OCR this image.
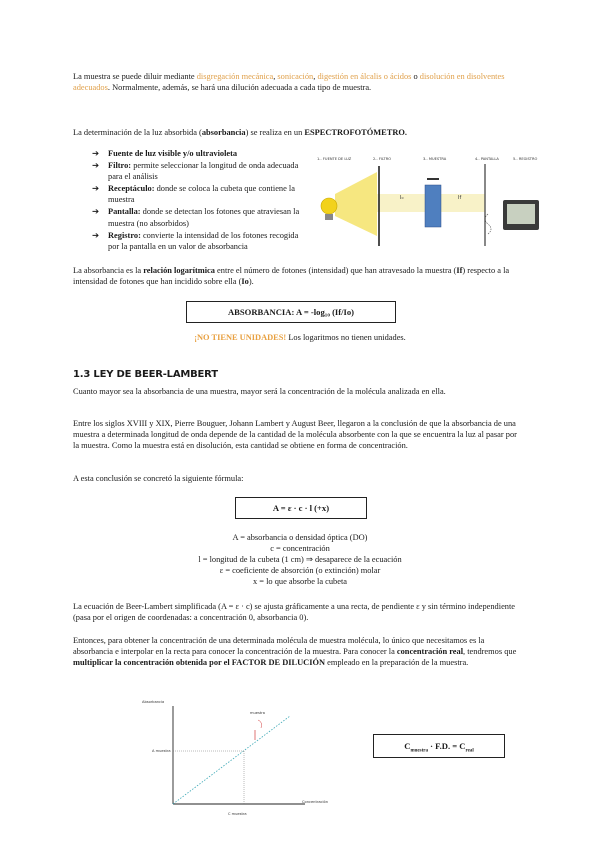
La muestra se puede diluir mediante disgregación mecánica, sonicación, digestión en álcalis o ácidos o disolución en disolventes adecuados. Normalmente, además, se hará una dilución adecuada a cada tipo de muestra.
La determinación de la luz absorbida (absorbancia) se realiza en un ESPECTROFOTÓMETRO.
➔ Fuente de luz visible y/o ultravioleta
➔ Filtro: permite seleccionar la longitud de onda adecuada para el análisis
➔ Receptáculo: donde se coloca la cubeta que contiene la muestra
➔ Pantalla: donde se detectan los fotones que atraviesan la muestra (no absorbidos)
➔ Registro: convierte la intensidad de los fotones recogida por la pantalla en un valor de absorbancia
1.- FUENTE DE LUZ	2.- FILTRO	3.- MUESTRA	4.- PANTALLA	5.- REGISTRO
I₀	If
La absorbancia es la relación logarítmica entre el número de fotones (intensidad) que han atravesado la muestra (If) respecto a la intensidad de fotones que han incidido sobre ella (Io).
ABSORBANCIA: A = -log₁₀ (If/Io)
¡NO TIENE UNIDADES! Los logaritmos no tienen unidades.
1.3 LEY DE BEER-LAMBERT
Cuanto mayor sea la absorbancia de una muestra, mayor será la concentración de la molécula analizada en ella.
Entre los siglos XVIII y XIX, Pierre Bouguer, Johann Lambert y August Beer, llegaron a la conclusión de que la absorbancia de una muestra a determinada longitud de onda depende de la cantidad de la molécula absorbente con la que se encuentra la luz al pasar por la muestra. Como la muestra está en disolución, esta cantidad se obtiene en forma de concentración.
A esta conclusión se concretó la siguiente fórmula:
A = ε · c · l (+x)
A = absorbancia o densidad óptica (DO)
c = concentración
l = longitud de la cubeta (1 cm) ⇒ desaparece de la ecuación
ε = coeficiente de absorción (o extinción) molar
x = lo que absorbe la cubeta
La ecuación de Beer-Lambert simplificada (A = ε · c) se ajusta gráficamente a una recta, de pendiente ε y sin término independiente (pasa por el origen de coordenadas: a concentración 0, absorbancia 0).
Entonces, para obtener la concentración de una determinada molécula de muestra molécula, lo único que necesitamos es la absorbancia e interpolar en la recta para conocer la concentración de la muestra. Para conocer la concentración real, tendremos que multiplicar la concentración obtenida por el FACTOR DE DILUCIÓN empleado en la preparación de la muestra.
Absorbancia
Concentración
A muestra
C muestra
muestra
$C_{muestra} \cdot F.D$. = $C_{real}$
